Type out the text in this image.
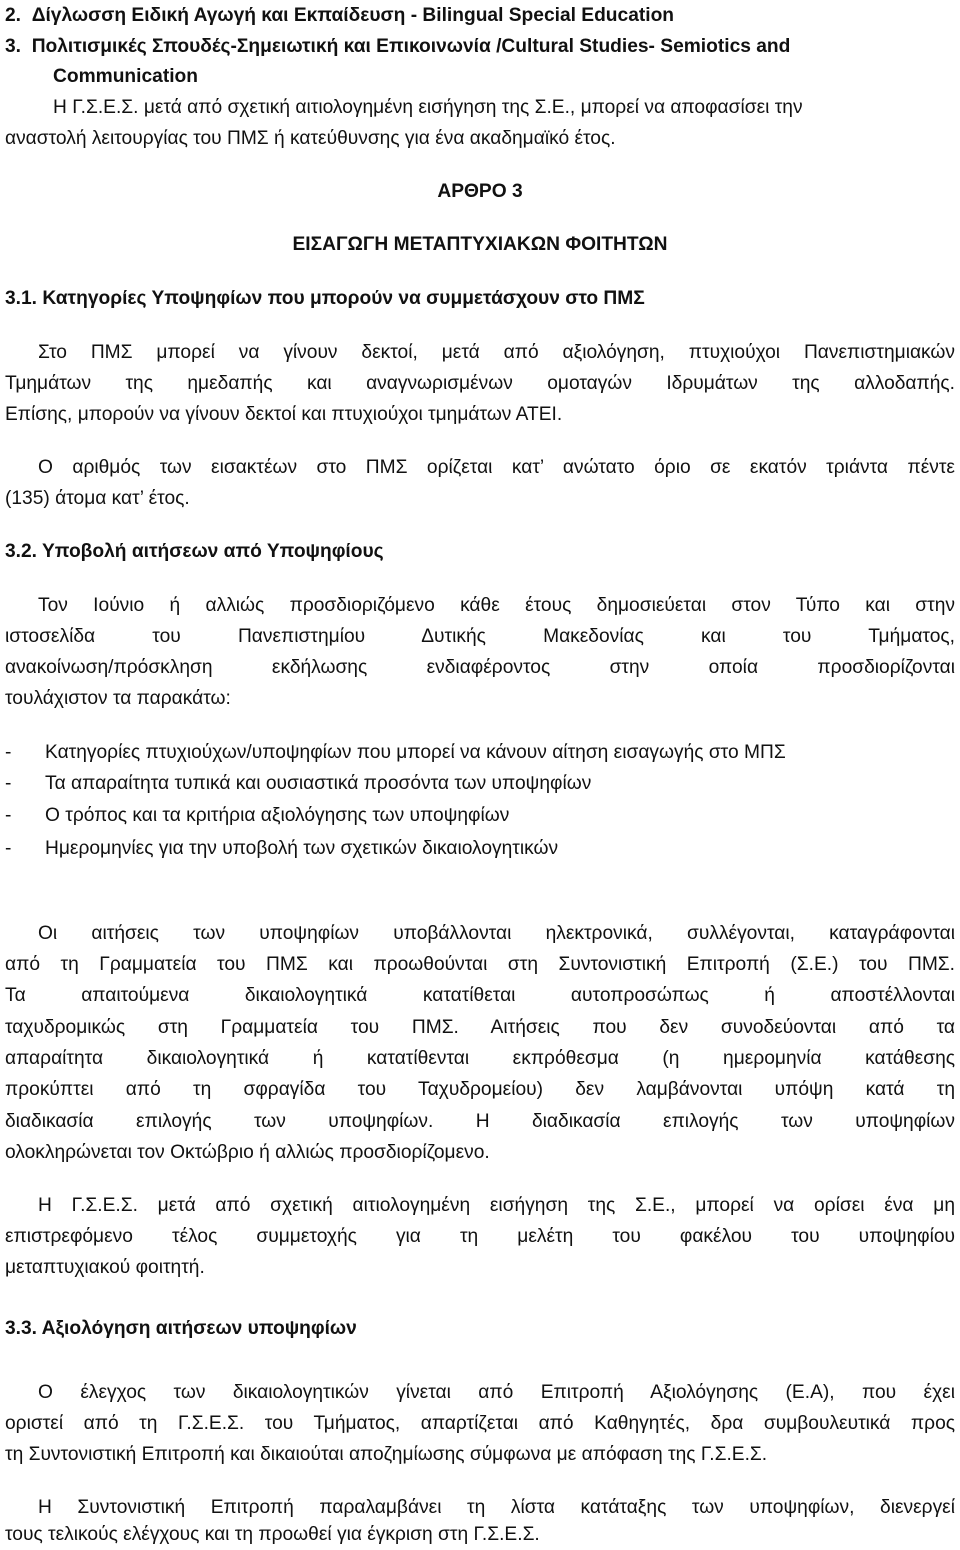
2. Δίγλωσση Ειδική Αγωγή και Εκπαίδευση - Bilingual Special Education
3. Πολιτισμικές Σπουδές-Σημειωτική και Επικοινωνία /Cultural Studies- Semiotics and
Communication
Η Γ.Σ.Ε.Σ. μετά από σχετική αιτιολογημένη εισήγηση της Σ.Ε., μπορεί να αποφασίσει την
αναστολή λειτουργίας του ΠΜΣ ή κατεύθυνσης για ένα ακαδημαϊκό έτος.
ΑΡΘΡΟ 3
ΕΙΣΑΓΩΓΗ ΜΕΤΑΠΤΥΧΙΑΚΩΝ ΦΟΙΤΗΤΩΝ
3.1. Κατηγορίες Υποψηφίων που μπορούν να συμμετάσχουν στο ΠΜΣ
Στο ΠΜΣ μπορεί να γίνουν δεκτοί, μετά από αξιολόγηση, πτυχιούχοι Πανεπιστημιακών
Τμημάτων της ημεδαπής και αναγνωρισμένων ομοταγών Ιδρυμάτων της αλλοδαπής.
Επίσης, μπορούν να γίνουν δεκτοί και πτυχιούχοι τμημάτων ΑΤΕΙ.
Ο αριθμός των εισακτέων στο ΠΜΣ ορίζεται κατ’ ανώτατο όριο σε εκατόν τριάντα πέντε
(135) άτομα κατ’ έτος.
3.2. Υποβολή αιτήσεων από Υποψηφίους
Τον Ιούνιο ή αλλιώς προσδιοριζόμενο κάθε έτους δημοσιεύεται στον Τύπο και στην
ιστοσελίδα του Πανεπιστημίου Δυτικής Μακεδονίας και του Τμήματος,
ανακοίνωση/πρόσκληση εκδήλωσης ενδιαφέροντος στην οποία προσδιορίζονται
τουλάχιστον τα παρακάτω:
-	Κατηγορίες πτυχιούχων/υποψηφίων που μπορεί να κάνουν αίτηση εισαγωγής στο ΜΠΣ
-	Τα απαραίτητα τυπικά και ουσιαστικά προσόντα των υποψηφίων
-	Ο τρόπος και τα κριτήρια αξιολόγησης των υποψηφίων
-	Ημερομηνίες για την υποβολή των σχετικών δικαιολογητικών
Οι αιτήσεις των υποψηφίων υποβάλλονται ηλεκτρονικά, συλλέγονται, καταγράφονται
από τη Γραμματεία του ΠΜΣ και προωθούνται στη Συντονιστική Επιτροπή (Σ.Ε.) του ΠΜΣ.
Τα απαιτούμενα δικαιολογητικά κατατίθεται αυτοπροσώπως ή αποστέλλονται
ταχυδρομικώς στη Γραμματεία του ΠΜΣ. Αιτήσεις που δεν συνοδεύονται από τα
απαραίτητα δικαιολογητικά ή κατατίθενται εκπρόθεσμα (η ημερομηνία κατάθεσης
προκύπτει από τη σφραγίδα του Ταχυδρομείου) δεν λαμβάνονται υπόψη κατά τη
διαδικασία επιλογής των υποψηφίων. Η διαδικασία επιλογής των υποψηφίων
ολοκληρώνεται τον Οκτώβριο ή αλλιώς προσδιορίζομενο.
Η Γ.Σ.Ε.Σ. μετά από σχετική αιτιολογημένη εισήγηση της Σ.Ε., μπορεί να ορίσει ένα μη
επιστρεφόμενο τέλος συμμετοχής για τη μελέτη του φακέλου του υποψηφίου
μεταπτυχιακού φοιτητή.
3.3. Αξιολόγηση αιτήσεων υποψηφίων
Ο έλεγχος των δικαιολογητικών γίνεται από Επιτροπή Αξιολόγησης (Ε.Α), που έχει
οριστεί από τη Γ.Σ.Ε.Σ. του Τμήματος, απαρτίζεται από Καθηγητές, δρα συμβουλευτικά προς
τη Συντονιστική Επιτροπή και δικαιούται αποζημίωσης σύμφωνα με απόφαση της Γ.Σ.Ε.Σ.
Η Συντονιστική Επιτροπή παραλαμβάνει τη λίστα κατάταξης των υποψηφίων, διενεργεί
τους τελικούς ελέγχους και τη προωθεί για έγκριση στη Γ.Σ.Ε.Σ.
